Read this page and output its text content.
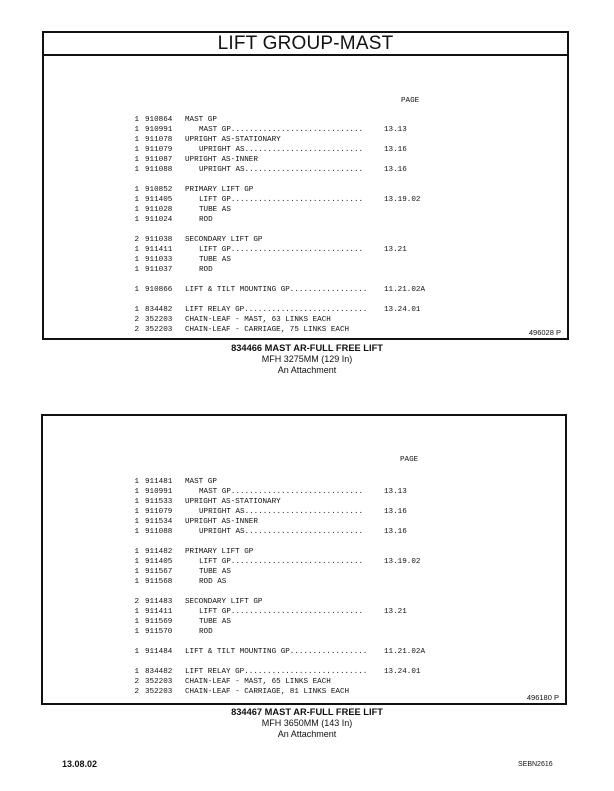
LIFT GROUP-MAST
PAGE
1 910864	MAST GP
1 910991	MAST GP.............................	13.13
1 911078	UPRIGHT AS-STATIONARY
1 911079	UPRIGHT AS..........................	13.16
1 911087	UPRIGHT AS-INNER
1 911088	UPRIGHT AS..........................	13.16
1 910852	PRIMARY LIFT GP
1 911405	LIFT GP.............................	13.19.02
1 911028	TUBE AS
1 911024	ROD
2 911038	SECONDARY LIFT GP
1 911411	LIFT GP.............................	13.21
1 911033	TUBE AS
1 911037	ROD
1 910866	LIFT & TILT MOUNTING GP.................	11.21.02A
1 834482	LIFT RELAY GP...........................	13.24.01
2 352203	CHAIN-LEAF - MAST, 63 LINKS EACH
2 352203	CHAIN-LEAF - CARRIAGE, 75 LINKS EACH	496028 P
834466 MAST AR-FULL FREE LIFT
MFH 3275MM (129 In)
An Attachment
PAGE
1 911481	MAST GP
1 910991	MAST GP.............................	13.13
1 911533	UPRIGHT AS-STATIONARY
1 911079	UPRIGHT AS..........................	13.16
1 911534	UPRIGHT AS-INNER
1 911088	UPRIGHT AS..........................	13.16
1 911482	PRIMARY LIFT GP
1 911405	LIFT GP.............................	13.19.02
1 911567	TUBE AS
1 911568	ROD AS
2 911483	SECONDARY LIFT GP
1 911411	LIFT GP.............................	13.21
1 911569	TUBE AS
1 911570	ROD
1 911484	LIFT & TILT MOUNTING GP.................	11.21.02A
1 834482	LIFT RELAY GP...........................	13.24.01
2 352203	CHAIN-LEAF - MAST, 65 LINKS EACH
2 352203	CHAIN-LEAF - CARRIAGE, 81 LINKS EACH
496180 P
834467 MAST AR-FULL FREE LIFT
MFH 3650MM (143 In)
An Attachment
13.08.02	SEBN2616
